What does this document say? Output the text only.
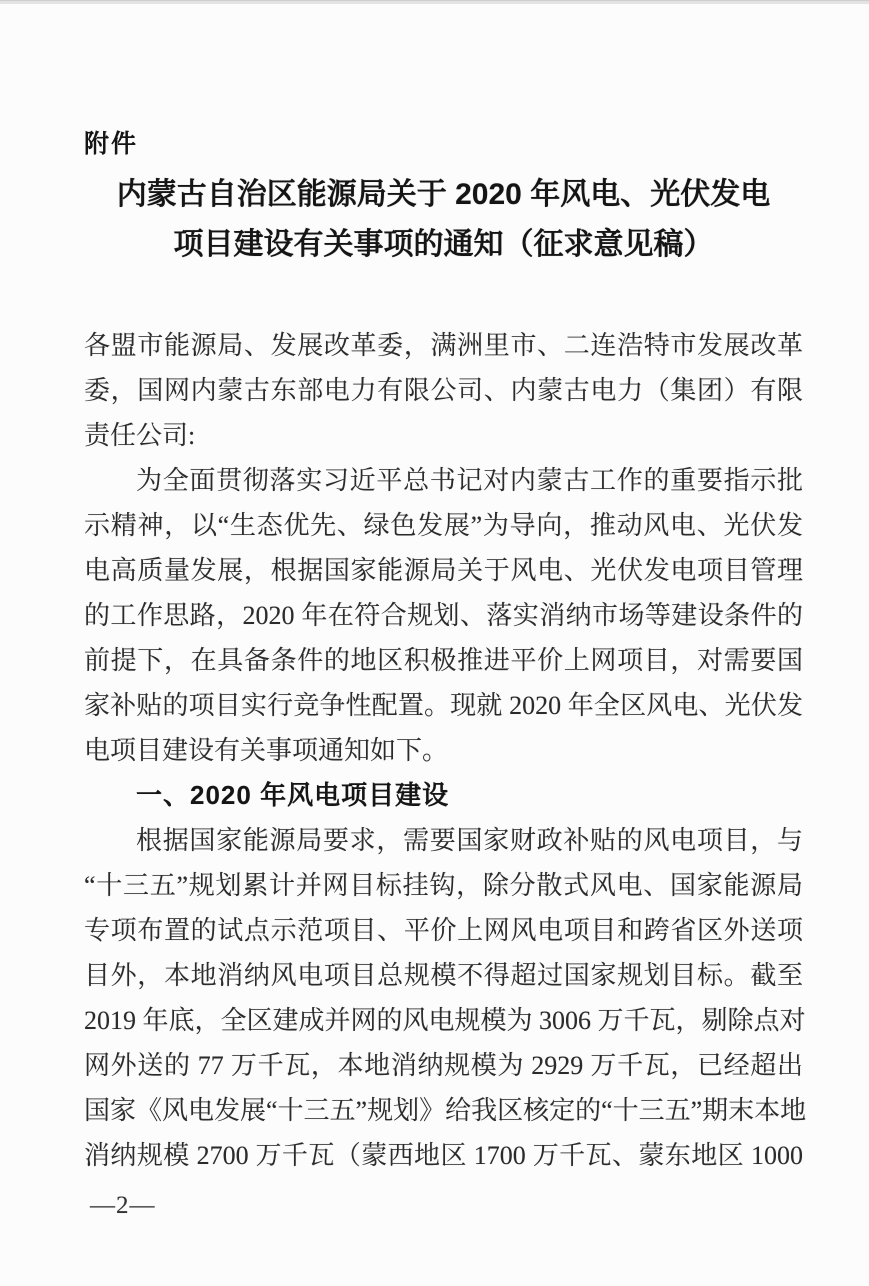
附件
内蒙古自治区能源局关于 2020 年风电、光伏发电
项目建设有关事项的通知（征求意见稿）
各盟市能源局、发展改革委，满洲里市、二连浩特市发展改革
委，国网内蒙古东部电力有限公司、内蒙古电力（集团）有限
责任公司:
为全面贯彻落实习近平总书记对内蒙古工作的重要指示批
示精神，以“生态优先、绿色发展”为导向，推动风电、光伏发
电高质量发展，根据国家能源局关于风电、光伏发电项目管理
的工作思路，2020 年在符合规划、落实消纳市场等建设条件的
前提下，在具备条件的地区积极推进平价上网项目，对需要国
家补贴的项目实行竞争性配置。现就 2020 年全区风电、光伏发
电项目建设有关事项通知如下。
一、2020 年风电项目建设
根据国家能源局要求，需要国家财政补贴的风电项目，与
“十三五”规划累计并网目标挂钩，除分散式风电、国家能源局
专项布置的试点示范项目、平价上网风电项目和跨省区外送项
目外，本地消纳风电项目总规模不得超过国家规划目标。截至
2019 年底，全区建成并网的风电规模为 3006 万千瓦，剔除点对
网外送的 77 万千瓦，本地消纳规模为 2929 万千瓦，已经超出
国家《风电发展“十三五”规划》给我区核定的“十三五”期末本地
消纳规模 2700 万千瓦（蒙西地区 1700 万千瓦、蒙东地区 1000
—2—
